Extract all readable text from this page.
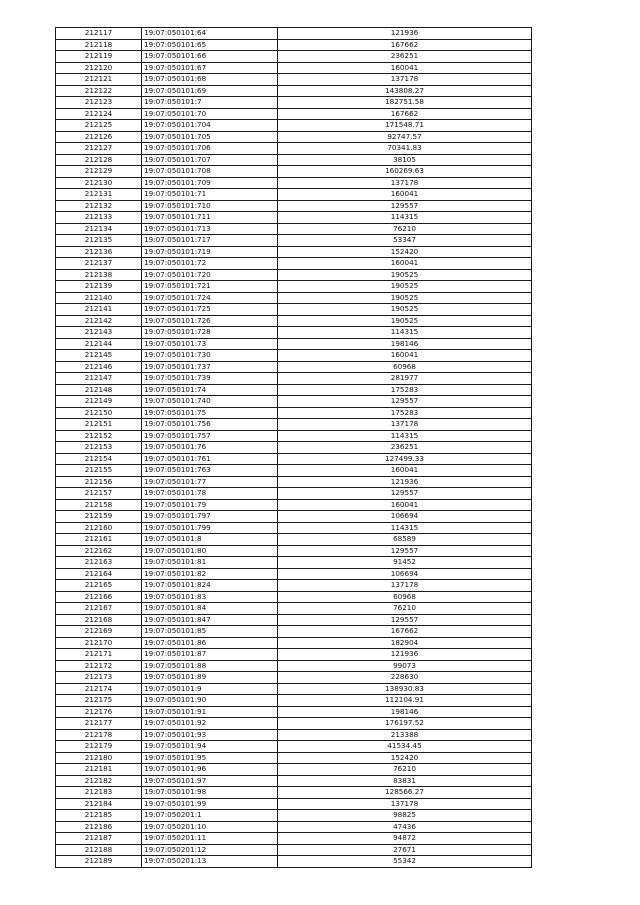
212117	19:07:050101:64	121936
212118	19:07:050101:65	167662
212119	19:07:050101:66	236251
212120	19:07:050101:67	160041
212121	19:07:050101:68	137178
212122	19:07:050101:69	143808.27
212123	19:07:050101:7	182751.58
212124	19:07:050101:70	167662
212125	19:07:050101:704	171548.71
212126	19:07:050101:705	92747.57
212127	19:07:050101:706	70341.83
212128	19:07:050101:707	38105
212129	19:07:050101:708	160269.63
212130	19:07:050101:709	137178
212131	19:07:050101:71	160041
212132	19:07:050101:710	129557
212133	19:07:050101:711	114315
212134	19:07:050101:713	76210
212135	19:07:050101:717	53347
212136	19:07:050101:719	152420
212137	19:07:050101:72	160041
212138	19:07:050101:720	190525
212139	19:07:050101:721	190525
212140	19:07:050101:724	190525
212141	19:07:050101:725	190525
212142	19:07:050101:726	190525
212143	19:07:050101:728	114315
212144	19:07:050101:73	198146
212145	19:07:050101:730	160041
212146	19:07:050101:737	60968
212147	19:07:050101:739	281977
212148	19:07:050101:74	175283
212149	19:07:050101:740	129557
212150	19:07:050101:75	175283
212151	19:07:050101:756	137178
212152	19:07:050101:757	114315
212153	19:07:050101:76	236251
212154	19:07:050101:761	127499.33
212155	19:07:050101:763	160041
212156	19:07:050101:77	121936
212157	19:07:050101:78	129557
212158	19:07:050101:79	160041
212159	19:07:050101:797	106694
212160	19:07:050101:799	114315
212161	19:07:050101:8	68589
212162	19:07:050101:80	129557
212163	19:07:050101:81	91452
212164	19:07:050101:82	106694
212165	19:07:050101:824	137178
212166	19:07:050101:83	60968
212167	19:07:050101:84	76210
212168	19:07:050101:847	129557
212169	19:07:050101:85	167662
212170	19:07:050101:86	182904
212171	19:07:050101:87	121936
212172	19:07:050101:88	99073
212173	19:07:050101:89	228630
212174	19:07:050101:9	138930.83
212175	19:07:050101:90	112104.91
212176	19:07:050101:91	198146
212177	19:07:050101:92	176197.52
212178	19:07:050101:93	213388
212179	19:07:050101:94	41534.45
212180	19:07:050101:95	152420
212181	19:07:050101:96	76210
212182	19:07:050101:97	83831
212183	19:07:050101:98	128566.27
212184	19:07:050101:99	137178
212185	19:07:050201:1	98825
212186	19:07:050201:10	47436
212187	19:07:050201:11	94872
212188	19:07:050201:12	27671
212189	19:07:050201:13	55342
